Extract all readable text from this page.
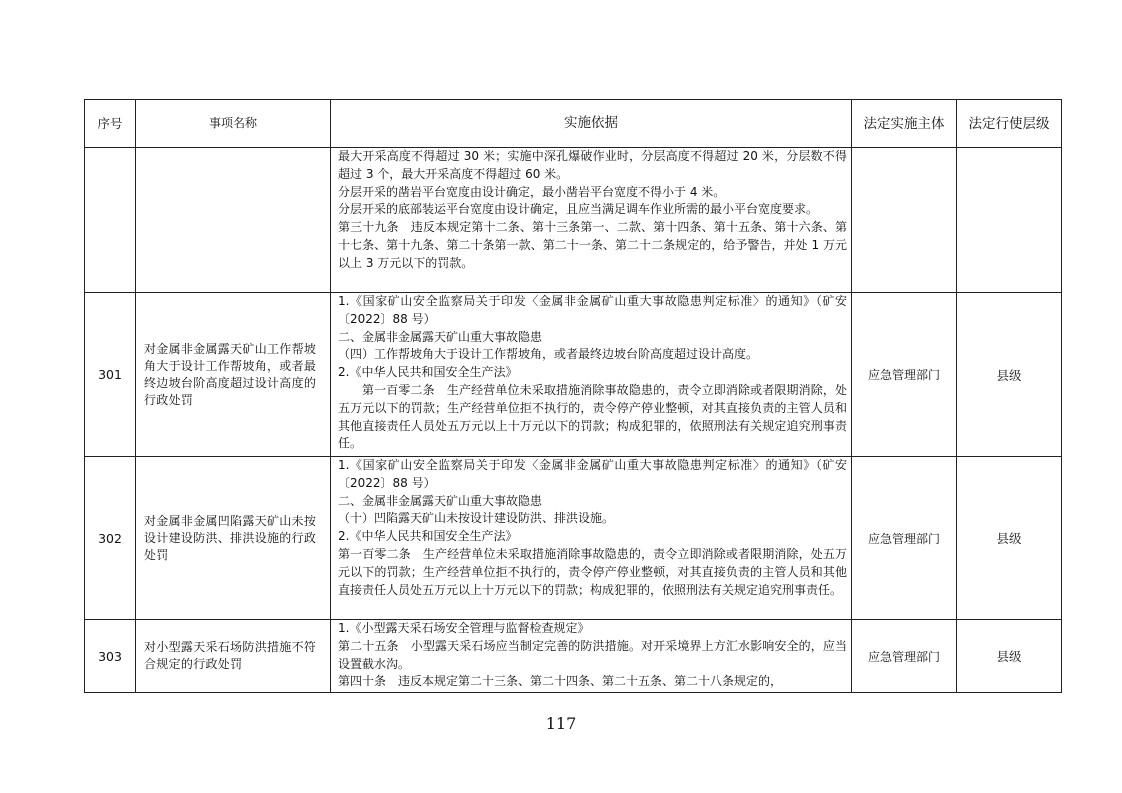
序号	事项名称	实施依据	法定实施主体	法定行使层级

		最大开采高度不得超过 30 米；实施中深孔爆破作业时，分层高度不得超过 20 米，分层数不得超过 3 个，最大开采高度不得超过 60 米。

分层开采的凿岩平台宽度由设计确定，最小凿岩平台宽度不得小于 4 米。

分层开采的底部装运平台宽度由设计确定，且应当满足调车作业所需的最小平台宽度要求。

第三十九条　违反本规定第十二条、第十三条第一、二款、第十四条、第十五条、第十六条、第十七条、第十九条、第二十条第一款、第二十一条、第二十二条规定的，给予警告，并处 1 万元以上 3 万元以下的罚款。		

301	对金属非金属露天矿山工作帮坡角大于设计工作帮坡角，或者最终边坡台阶高度超过设计高度的行政处罚	1.《国家矿山安全监察局关于印发〈金属非金属矿山重大事故隐患判定标准〉的通知》（矿安〔2022〕88 号）

二、金属非金属露天矿山重大事故隐患

（四）工作帮坡角大于设计工作帮坡角，或者最终边坡台阶高度超过设计高度。

2.《中华人民共和国安全生产法》

第一百零二条　生产经营单位未采取措施消除事故隐患的，责令立即消除或者限期消除，处五万元以下的罚款；生产经营单位拒不执行的，责令停产停业整顿，对其直接负责的主管人员和其他直接责任人员处五万元以上十万元以下的罚款；构成犯罪的，依照刑法有关规定追究刑事责任。	应急管理部门	县级
302	对金属非金属凹陷露天矿山未按设计建设防洪、排洪设施的行政处罚	1.《国家矿山安全监察局关于印发〈金属非金属矿山重大事故隐患判定标准〉的通知》（矿安〔2022〕88 号）

二、金属非金属露天矿山重大事故隐患

（十）凹陷露天矿山未按设计建设防洪、排洪设施。

2.《中华人民共和国安全生产法》

第一百零二条　生产经营单位未采取措施消除事故隐患的，责令立即消除或者限期消除，处五万元以下的罚款；生产经营单位拒不执行的，责令停产停业整顿，对其直接负责的主管人员和其他直接责任人员处五万元以上十万元以下的罚款；构成犯罪的，依照刑法有关规定追究刑事责任。	应急管理部门	县级
303	对小型露天采石场防洪措施不符合规定的行政处罚	1.《小型露天采石场安全管理与监督检查规定》

第二十五条　小型露天采石场应当制定完善的防洪措施。对开采境界上方汇水影响安全的，应当设置截水沟。

第四十条　违反本规定第二十三条、第二十四条、第二十五条、第二十八条规定的，	应急管理部门	县级
117
